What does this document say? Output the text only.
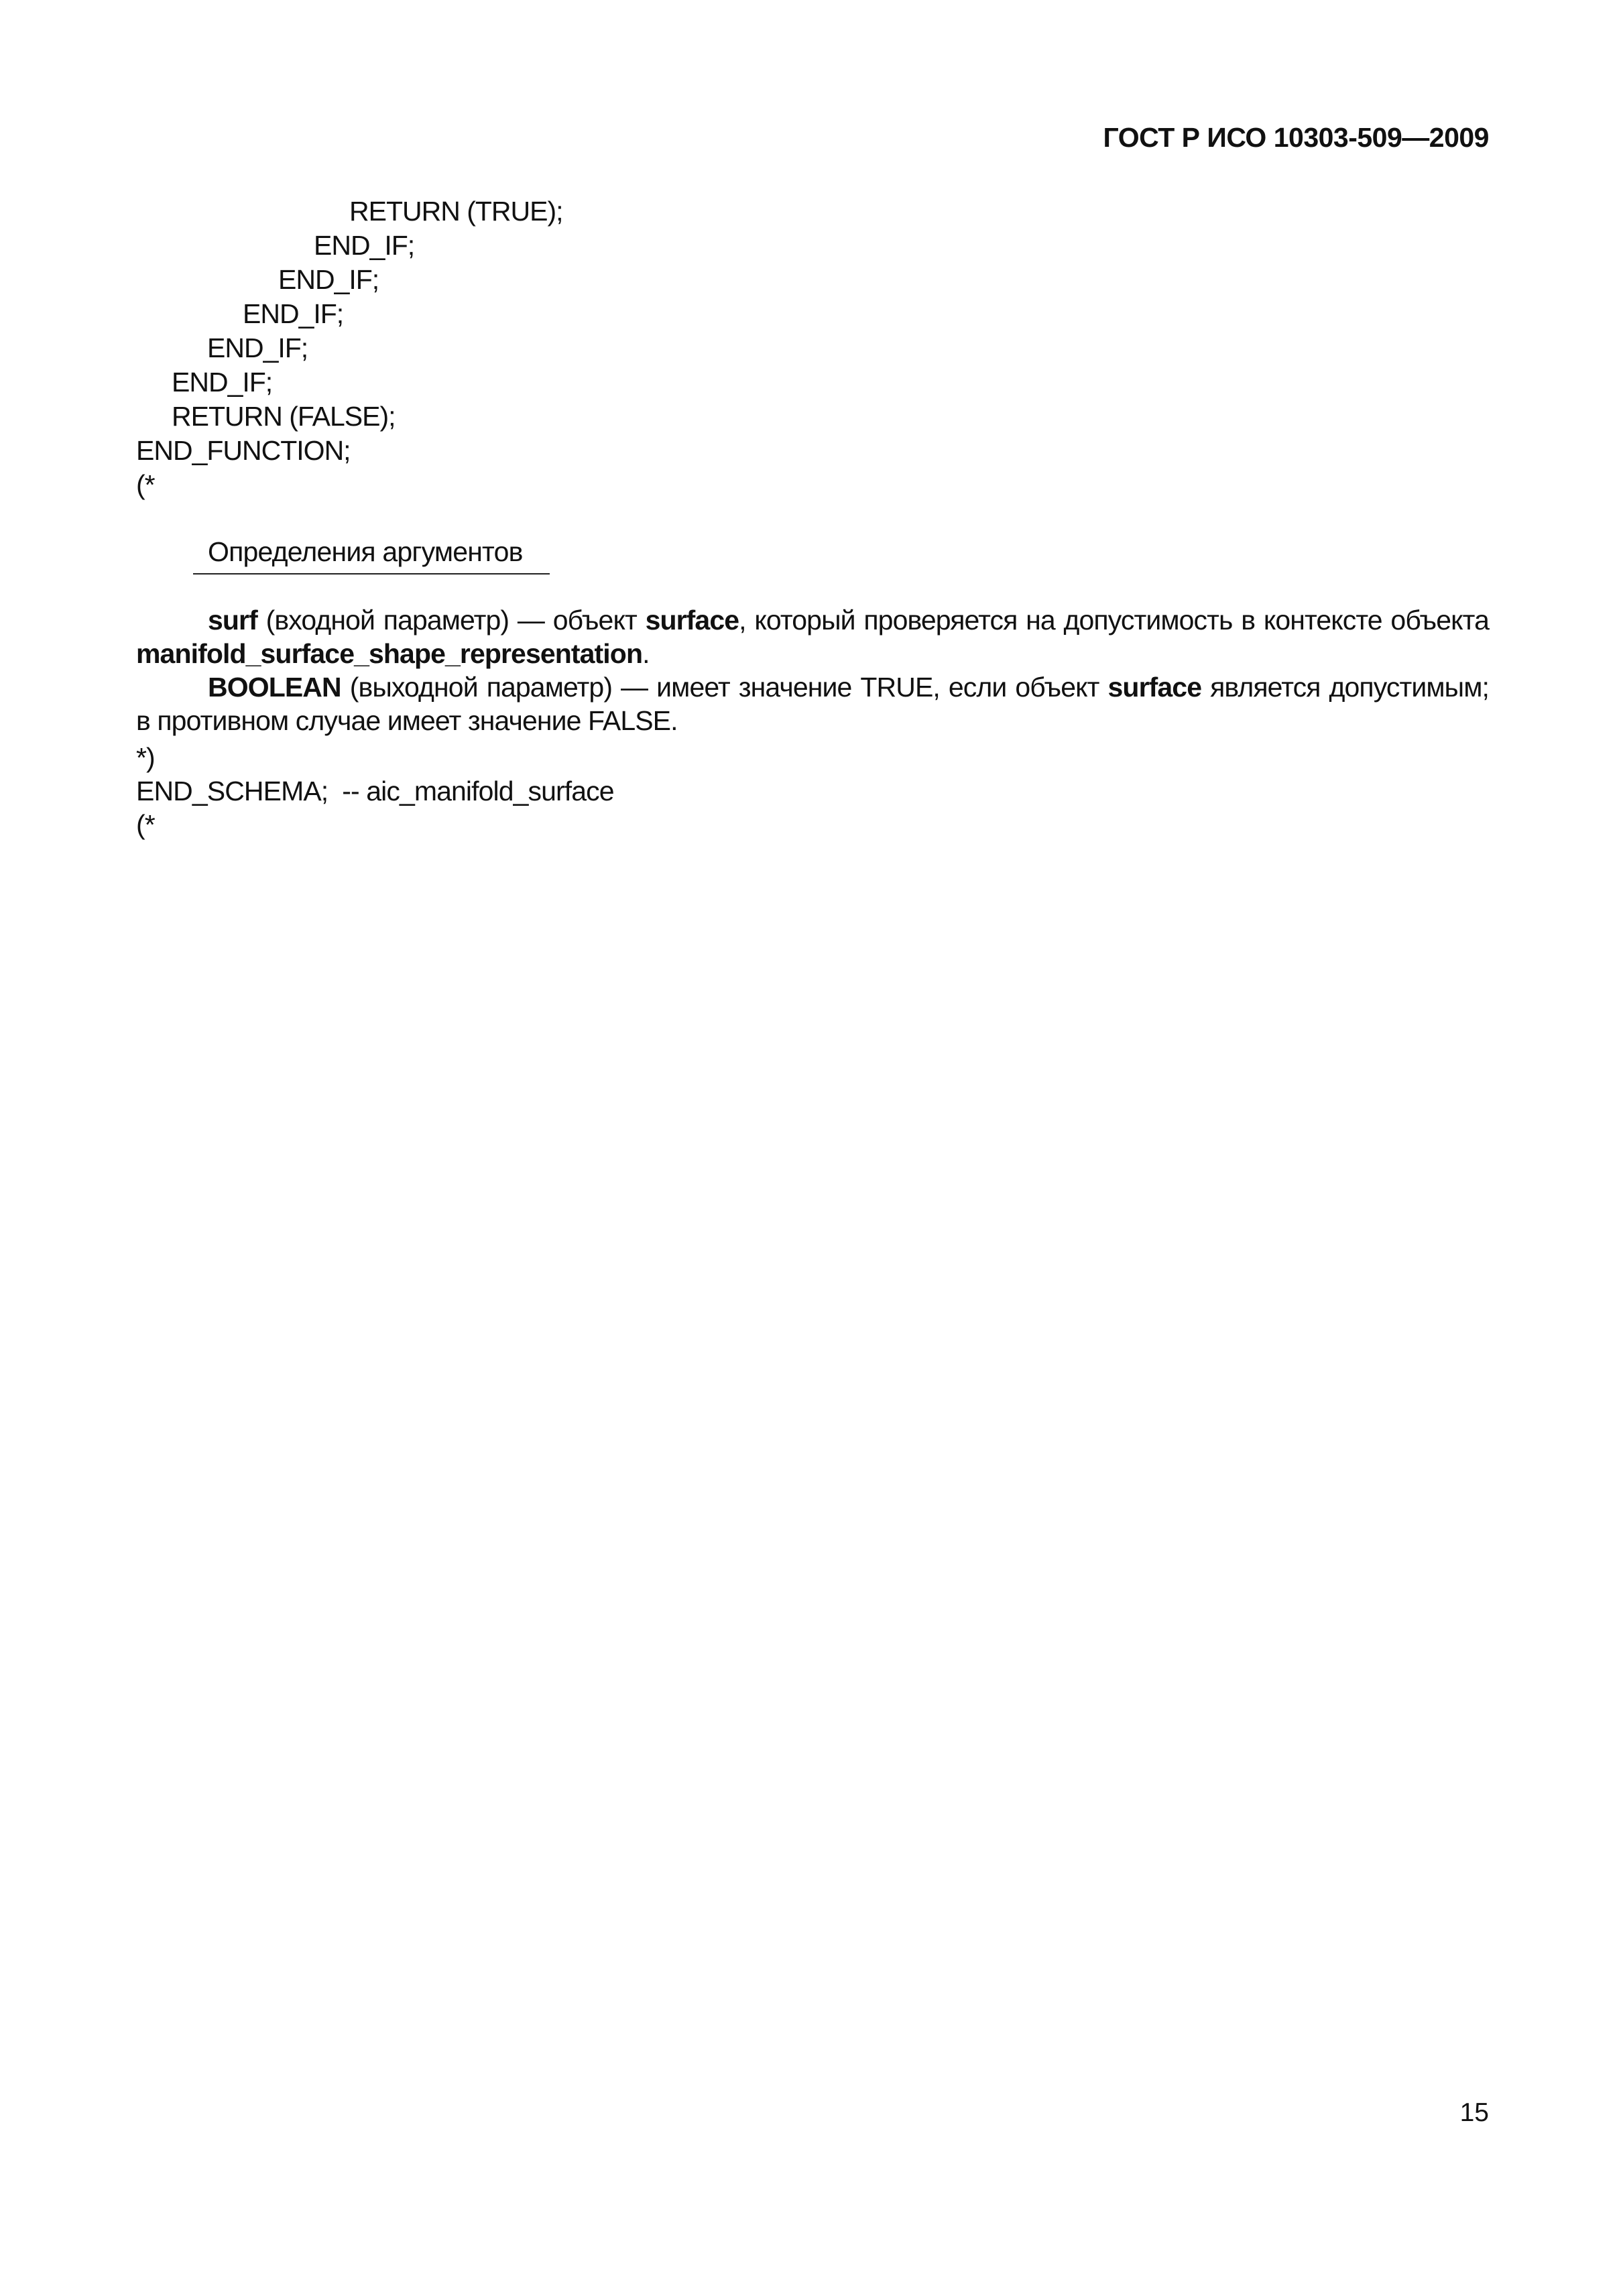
ГОСТ Р ИСО 10303-509—2009
RETURN (TRUE);
END_IF;
END_IF;
END_IF;
END_IF;
END_IF;
RETURN (FALSE);
END_FUNCTION;
(*
Определения аргументов

surf (входной параметр) — объект surface, который проверяется на допустимость в контексте объекта manifold_surface_shape_representation.

BOOLEAN (выходной параметр) — имеет значение TRUE, если объект surface является допустимым; в противном случае имеет значение FALSE.

*)
END_SCHEMA;  -- aic_manifold_surface
(*
15
